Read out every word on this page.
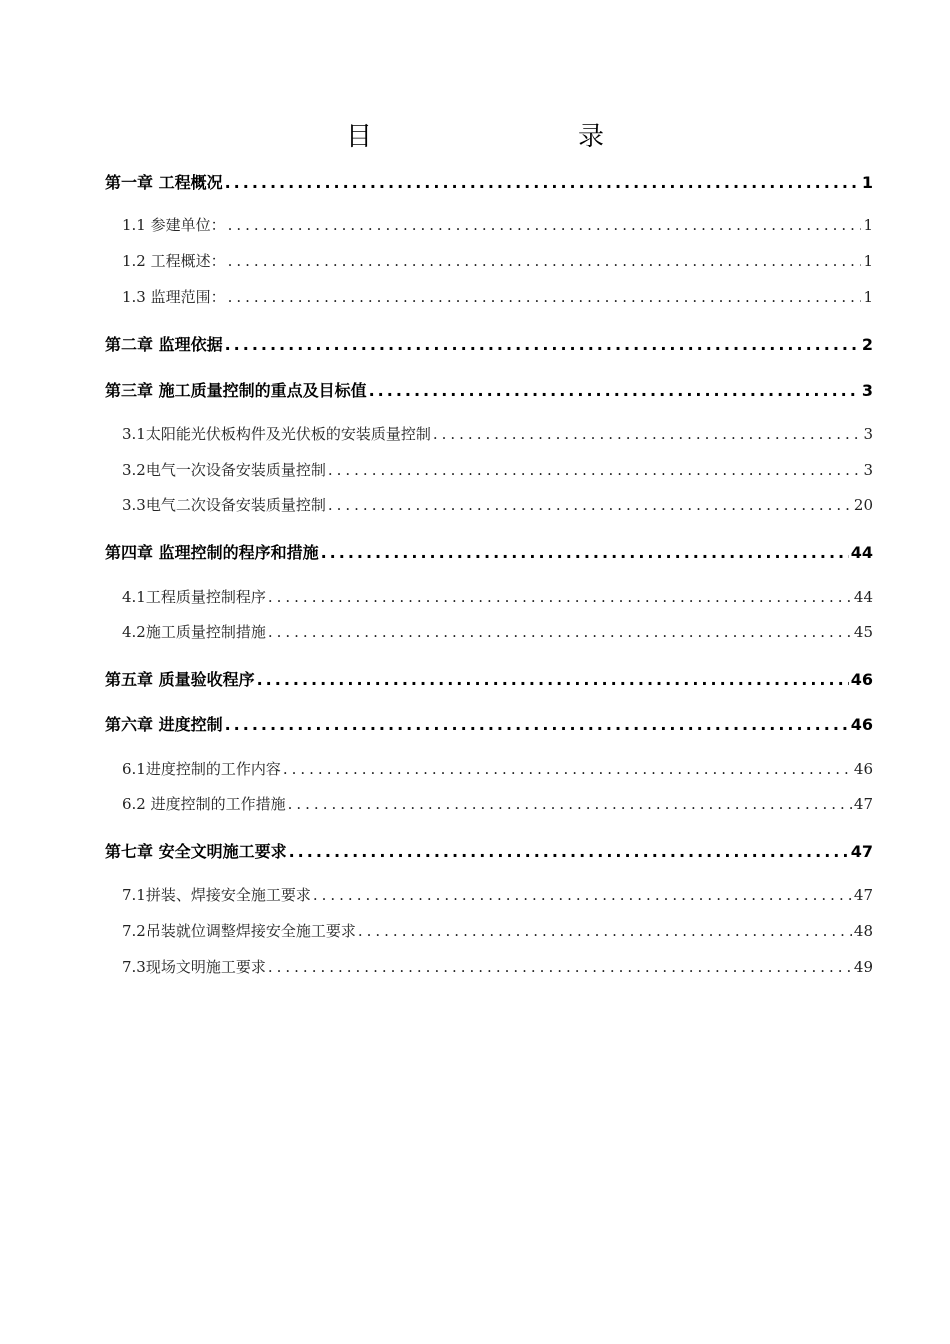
目　录
第一章 工程概况 .....	1
1.1 参建单位： .....	1
1.2 工程概述： .....	1
1.3 监理范围： .....	1
第二章 监理依据 .....	2
第三章 施工质量控制的重点及目标值 .....	3
3.1太阳能光伏板构件及光伏板的安装质量控制 .....	3
3.2电气一次设备安装质量控制 .....	3
3.3电气二次设备安装质量控制 .....	20
第四章 监理控制的程序和措施 .....	44
4.1工程质量控制程序 .....	44
4.2施工质量控制措施 .....	45
第五章 质量验收程序 .....	46
第六章 进度控制 .....	46
6.1进度控制的工作内容 .....	46
6.2 进度控制的工作措施 .....	47
第七章 安全文明施工要求 .....	47
7.1拼装、焊接安全施工要求 .....	47
7.2吊装就位调整焊接安全施工要求 .....	48
7.3现场文明施工要求 .....	49
